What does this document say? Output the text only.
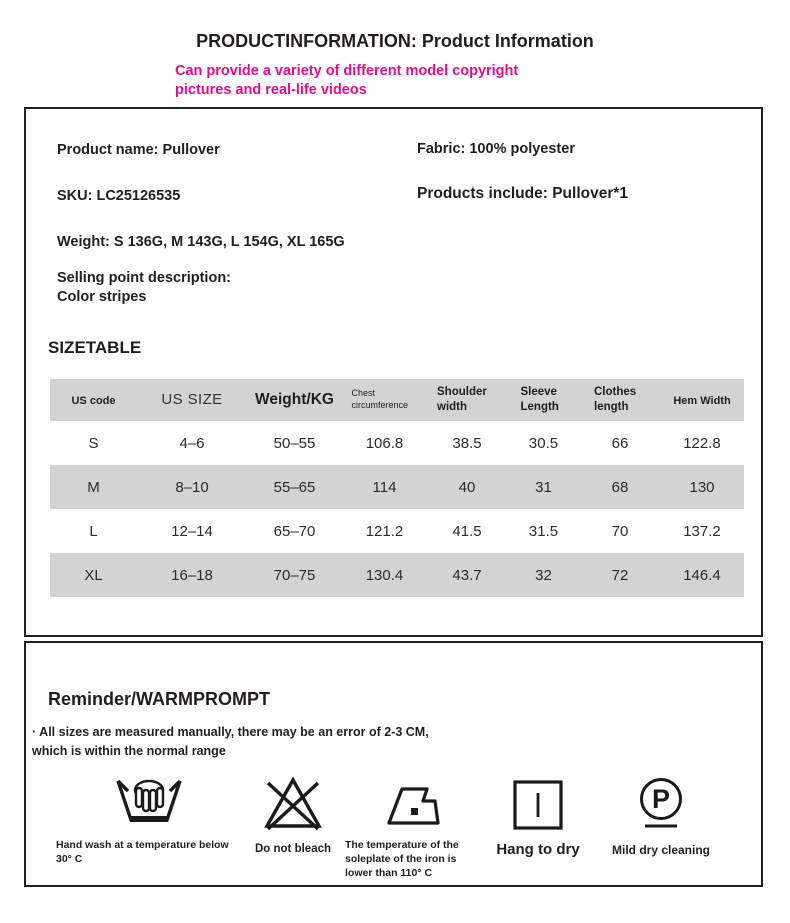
PRODUCTINFORMATION: Product Information

Can provide a variety of different model copyright pictures and real-life videos

Product name: Pullover	Fabric: 100% polyester

SKU: LC25126535	Products include: Pullover*1

Weight: S 136G, M 143G, L 154G, XL 165G

Selling point description:

Color stripes

SIZETABLE
US code	US SIZE	Weight/KG	Chest circumference	Shoulder width	Sleeve Length	Clothes length	Hem Width
S	4–6	50–55	106.8	38.5	30.5	66	122.8
M	8–10	55–65	114	40	31	68	130
L	12–14	65–70	121.2	41.5	31.5	70	137.2
XL	16–18	70–75	130.4	43.7	32	72	146.4
Reminder/WARMPROMPT

· All sizes are measured manually, there may be an error of 2-3 CM, which is within the normal range

Hand wash at a temperature below 30° C
Do not bleach	The temperature of the soleplate of the iron is lower than 110° C
Hang to dry
P
Mild dry cleaning
